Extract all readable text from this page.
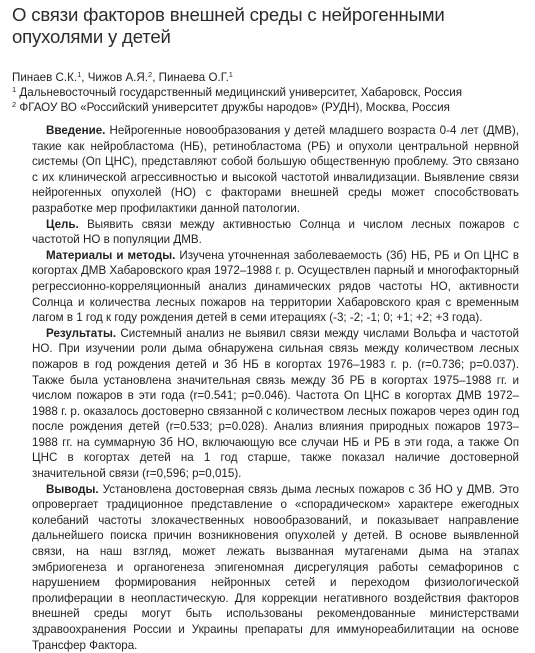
О связи факторов внешней среды с нейрогенными опухолями у детей
Пинаев С.К.$^1$, Чижов А.Я.$^2$, Пинаева О.Г.$^1$
$^1$ Дальневосточный государственный медицинский университет, Хабаровск, Россия
$^2$ ФГАОУ ВО «Российский университет дружбы народов» (РУДН), Москва, Россия

Введение. Нейрогенные новообразования у детей младшего возраста 0-4 лет (ДМВ), такие как нейробластома (НБ), ретинобластома (РБ) и опухоли центральной нервной системы (Оп ЦНС), представляют собой большую общественную проблему. Это связано с их клинической агрессивностью и высокой частотой инвалидизации. Выявление связи нейрогенных опухолей (НО) с факторами внешней среды может способствовать разработке мер профилактики данной патологии.

Цель. Выявить связи между активностью Солнца и числом лесных пожаров с частотой НО в популяции ДМВ.

Материалы и методы. Изучена уточненная заболеваемость (3б) НБ, РБ и Оп ЦНС в когортах ДМВ Хабаровского края 1972–1988 г. р. Осуществлен парный и многофакторный регрессионно-корреляционный анализ динамических рядов частоты НО, активности Солнца и количества лесных пожаров на территории Хабаровского края с временным лагом в 1 год к году рождения детей в семи итерациях (-3; -2; -1; 0; +1; +2; +3 года).

Результаты. Системный анализ не выявил связи между числами Вольфа и частотой НО. При изучении роли дыма обнаружена сильная связь между количеством лесных пожаров в год рождения детей и 3б НБ в когортах 1976–1983 г. р. (r=0.736; p=0.037). Также была установлена значительная связь между 3б РБ в когортах 1975–1988 гг. и числом пожаров в эти года (r=0.541; p=0.046). Частота Оп ЦНС в когортах ДМВ 1972–1988 г. р. оказалось достоверно связанной с количеством лесных пожаров через один год после рождения детей (r=0.533; p=0.028). Анализ влияния природных пожаров 1973–1988 гг. на суммарную 3б НО, включающую все случаи НБ и РБ в эти года, а также Оп ЦНС в когортах детей на 1 год старше, также показал наличие достоверной значительной связи (r=0,596; p=0,015).

Выводы. Установлена достоверная связь дыма лесных пожаров с 3б НО у ДМВ. Это опровергает традиционное представление о «спорадическом» характере ежегодных колебаний частоты злокачественных новообразований, и показывает направление дальнейшего поиска причин возникновения опухолей у детей. В основе выявленной связи, на наш взгляд, может лежать вызванная мутагенами дыма на этапах эмбриогенеза и органогенеза эпигеномная дисрегуляция работы семафоринов с нарушением формирования нейронных сетей и переходом физиологической пролиферации в неопластическую. Для коррекции негативного воздействия факторов внешней среды могут быть использованы рекомендованные министерствами здравоохранения России и Украины препараты для иммунореабилитации на основе Трансфер Фактора.
